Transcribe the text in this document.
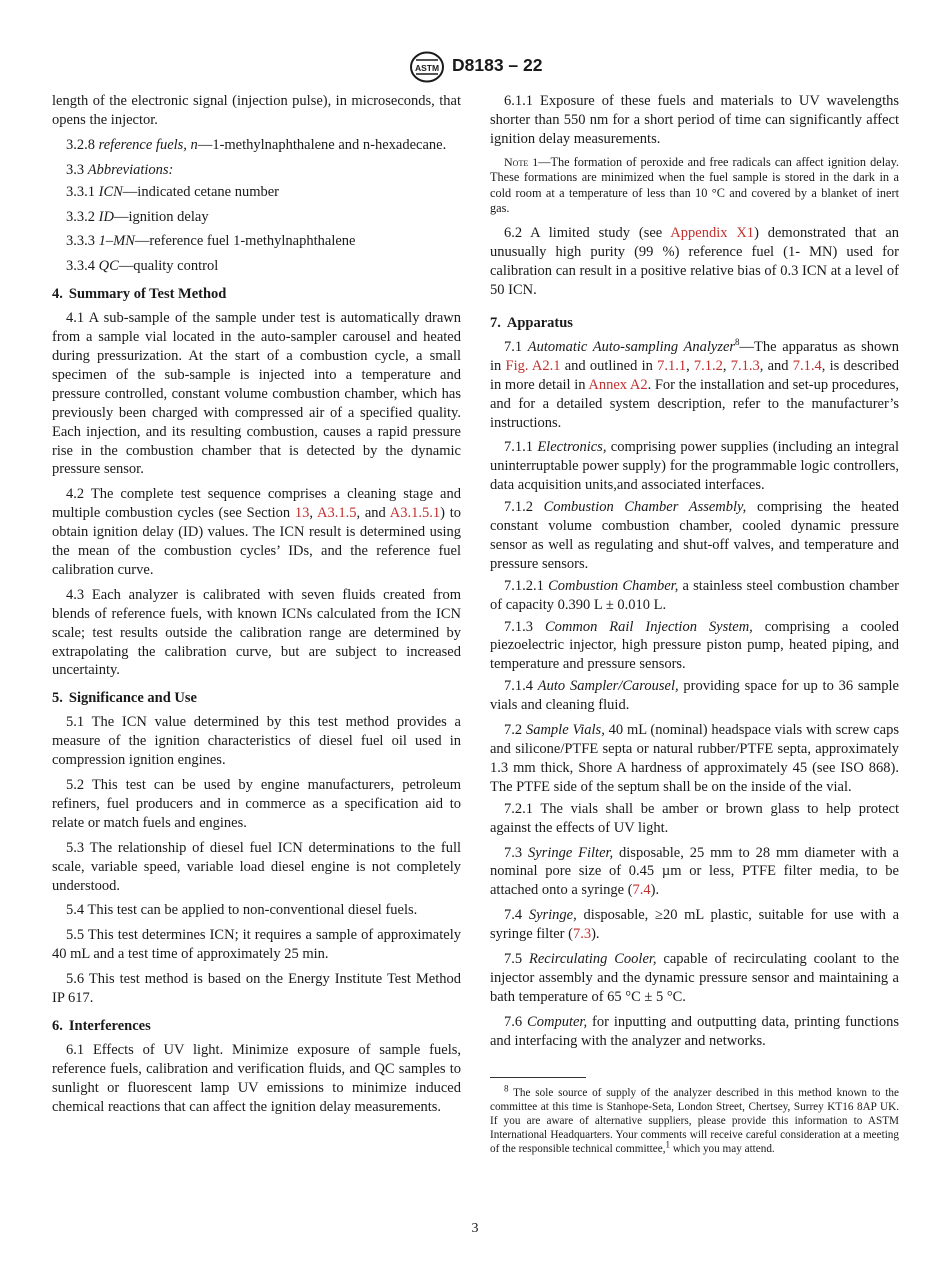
ASTM D8183 – 22

length of the electronic signal (injection pulse), in microseconds, that opens the injector.

3.2.8 reference fuels, n—1-methylnaphthalene and n-hexadecane.

3.3 Abbreviations:

3.3.1 ICN—indicated cetane number

3.3.2 ID—ignition delay

3.3.3 1–MN—reference fuel 1-methylnaphthalene

3.3.4 QC—quality control

4. Summary of Test Method

4.1 A sub-sample of the sample under test is automatically drawn from a sample vial located in the auto-sampler carousel and heated during pressurization. At the start of a combustion cycle, a small specimen of the sub-sample is injected into a temperature and pressure controlled, constant volume combustion chamber, which has previously been charged with compressed air of a specified quality. Each injection, and its resulting combustion, causes a rapid pressure rise in the combustion chamber that is detected by the dynamic pressure sensor.

4.2 The complete test sequence comprises a cleaning stage and multiple combustion cycles (see Section 13, A3.1.5, and A3.1.5.1) to obtain ignition delay (ID) values. The ICN result is determined using the mean of the combustion cycles’ IDs, and the reference fuel calibration curve.

4.3 Each analyzer is calibrated with seven fluids created from blends of reference fuels, with known ICNs calculated from the ICN scale; test results outside the calibration range are determined by extrapolating the calibration curve, but are subject to increased uncertainty.

5. Significance and Use

5.1 The ICN value determined by this test method provides a measure of the ignition characteristics of diesel fuel oil used in compression ignition engines.

5.2 This test can be used by engine manufacturers, petroleum refiners, fuel producers and in commerce as a specification aid to relate or match fuels and engines.

5.3 The relationship of diesel fuel ICN determinations to the full scale, variable speed, variable load diesel engine is not completely understood.

5.4 This test can be applied to non-conventional diesel fuels.

5.5 This test determines ICN; it requires a sample of approximately 40 mL and a test time of approximately 25 min.

5.6 This test method is based on the Energy Institute Test Method IP 617.

6. Interferences

6.1 Effects of UV light. Minimize exposure of sample fuels, reference fuels, calibration and verification fluids, and QC samples to sunlight or fluorescent lamp UV emissions to minimize induced chemical reactions that can affect the ignition delay measurements.

6.1.1 Exposure of these fuels and materials to UV wavelengths shorter than 550 nm for a short period of time can significantly affect ignition delay measurements.

Note 1—The formation of peroxide and free radicals can affect ignition delay. These formations are minimized when the fuel sample is stored in the dark in a cold room at a temperature of less than 10 °C and covered by a blanket of inert gas.

6.2 A limited study (see Appendix X1) demonstrated that an unusually high purity (99 %) reference fuel (1- MN) used for calibration can result in a positive relative bias of 0.3 ICN at a level of 50 ICN.

7. Apparatus

7.1 Automatic Auto-sampling Analyzer$^8$—The apparatus as shown in Fig. A2.1 and outlined in 7.1.1, 7.1.2, 7.1.3, and 7.1.4, is described in more detail in Annex A2. For the installation and set-up procedures, and for a detailed system description, refer to the manufacturer’s instructions.

7.1.1 Electronics, comprising power supplies (including an integral uninterruptable power supply) for the programmable logic controllers, data acquisition units,and associated interfaces.

7.1.2 Combustion Chamber Assembly, comprising the heated constant volume combustion chamber, cooled dynamic pressure sensor as well as regulating and shut-off valves, and temperature and pressure sensors.

7.1.2.1 Combustion Chamber, a stainless steel combustion chamber of capacity 0.390 L ± 0.010 L.

7.1.3 Common Rail Injection System, comprising a cooled piezoelectric injector, high pressure piston pump, heated piping, and temperature and pressure sensors.

7.1.4 Auto Sampler/Carousel, providing space for up to 36 sample vials and cleaning fluid.

7.2 Sample Vials, 40 mL (nominal) headspace vials with screw caps and silicone/PTFE septa or natural rubber/PTFE septa, approximately 1.3 mm thick, Shore A hardness of approximately 45 (see ISO 868). The PTFE side of the septum shall be on the inside of the vial.

7.2.1 The vials shall be amber or brown glass to help protect against the effects of UV light.

7.3 Syringe Filter, disposable, 25 mm to 28 mm diameter with a nominal pore size of 0.45 µm or less, PTFE filter media, to be attached onto a syringe (7.4).

7.4 Syringe, disposable, ≥20 mL plastic, suitable for use with a syringe filter (7.3).

7.5 Recirculating Cooler, capable of recirculating coolant to the injector assembly and the dynamic pressure sensor and maintaining a bath temperature of 65 °C ± 5 °C.

7.6 Computer, for inputting and outputting data, printing functions and interfacing with the analyzer and networks.

$^8$ The sole source of supply of the analyzer described in this method known to the committee at this time is Stanhope-Seta, London Street, Chertsey, Surrey KT16 8AP UK. If you are aware of alternative suppliers, please provide this information to ASTM International Headquarters. Your comments will receive careful consideration at a meeting of the responsible technical committee,$^1$ which you may attend.

3
